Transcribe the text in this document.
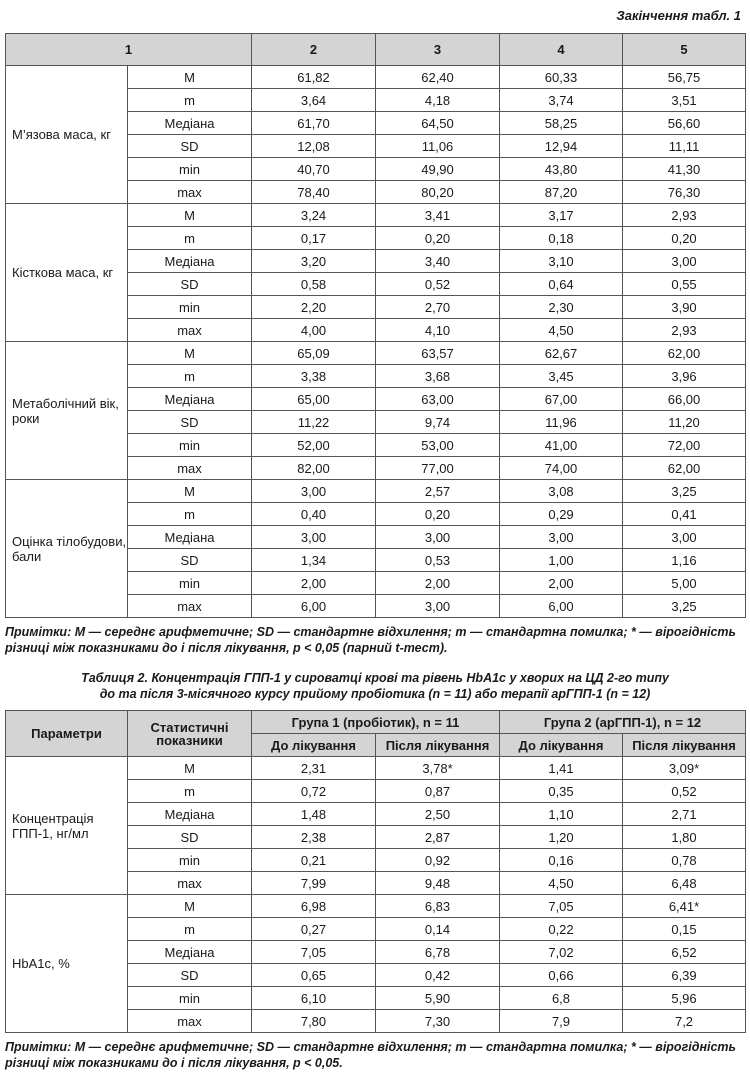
Закінчення табл. 1
1		2	3	4	5
М’язова маса, кг	M	61,82	62,40	60,33	56,75
	m	3,64	4,18	3,74	3,51
	Медіана	61,70	64,50	58,25	56,60
	SD	12,08	11,06	12,94	11,11
	min	40,70	49,90	43,80	41,30
	max	78,40	80,20	87,20	76,30
Кісткова маса, кг	M	3,24	3,41	3,17	2,93
	m	0,17	0,20	0,18	0,20
	Медіана	3,20	3,40	3,10	3,00
	SD	0,58	0,52	0,64	0,55
	min	2,20	2,70	2,30	3,90
	max	4,00	4,10	4,50	2,93
Метаболічний вік, роки	M	65,09	63,57	62,67	62,00
	m	3,38	3,68	3,45	3,96
	Медіана	65,00	63,00	67,00	66,00
	SD	11,22	9,74	11,96	11,20
	min	52,00	53,00	41,00	72,00
	max	82,00	77,00	74,00	62,00
Оцінка тілобудови, бали	M	3,00	2,57	3,08	3,25
	m	0,40	0,20	0,29	0,41
	Медіана	3,00	3,00	3,00	3,00
	SD	1,34	0,53	1,00	1,16
	min	2,00	2,00	2,00	5,00
	max	6,00	3,00	6,00	3,25
Примітки: M — середнє арифметичне; SD — стандартне відхилення; m — стандартна помилка; * — вірогідність різниці між показниками до і після лікування, p < 0,05 (парний t-тест).
Таблиця 2. Концентрація ГПП-1 у сироватці крові та рівень HbA1c у хворих на ЦД 2-го типу
до та після 3-місячного курсу прийому пробіотика (n = 11) або терапії арГПП-1 (n = 12)
Параметри	Статистичні показники	Група 1 (пробіотик), n = 11		Група 2 (арГПП-1), n = 12	
		До лікування	Після лікування	До лікування	Після лікування
Концентрація ГПП-1, нг/мл	M	2,31	3,78*	1,41	3,09*
	m	0,72	0,87	0,35	0,52
	Медіана	1,48	2,50	1,10	2,71
	SD	2,38	2,87	1,20	1,80
	min	0,21	0,92	0,16	0,78
	max	7,99	9,48	4,50	6,48
HbA1c, %	M	6,98	6,83	7,05	6,41*
	m	0,27	0,14	0,22	0,15
	Медіана	7,05	6,78	7,02	6,52
	SD	0,65	0,42	0,66	6,39
	min	6,10	5,90	6,8	5,96
	max	7,80	7,30	7,9	7,2
Примітки: M — середнє арифметичне; SD — стандартне відхилення; m — стандартна помилка; * — вірогідність різниці між показниками до і після лікування, p < 0,05.
